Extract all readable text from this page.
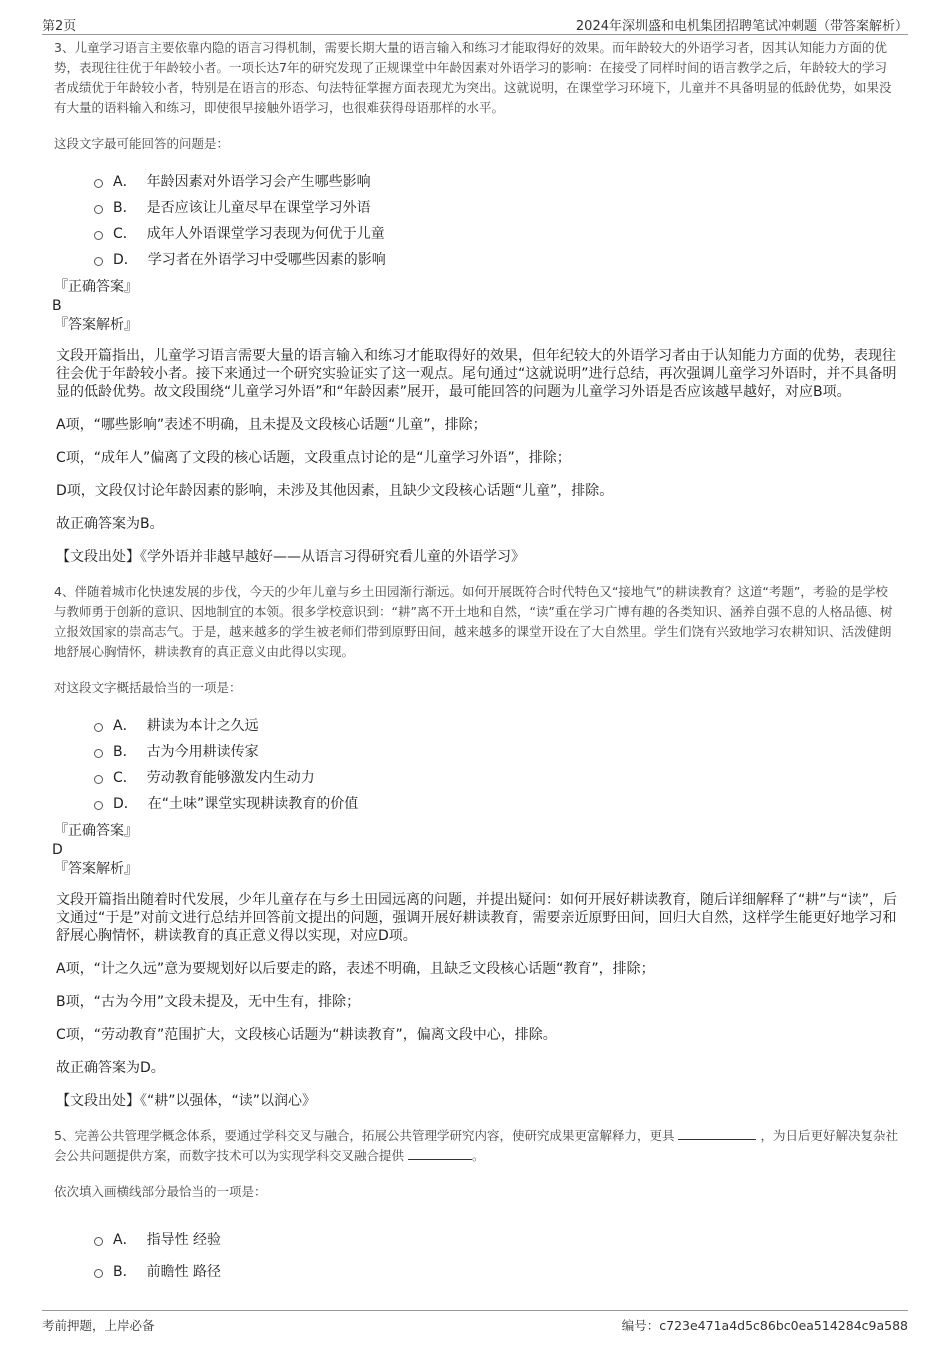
第2页	2024年深圳盛和电机集团招聘笔试冲刺题（带答案解析）

3、儿童学习语言主要依靠内隐的语言习得机制，需要长期大量的语言输入和练习才能取得好的效果。而年龄较大的外语学习者，因其认知能力方面的优势，表现往往优于年龄较小者。一项长达7年的研究发现了正规课堂中年龄因素对外语学习的影响：在接受了同样时间的语言教学之后，年龄较大的学习者成绩优于年龄较小者，特别是在语言的形态、句法特征掌握方面表现尤为突出。这就说明，在课堂学习环境下，儿童并不具备明显的低龄优势，如果没有大量的语料输入和练习，即使很早接触外语学习，也很难获得母语那样的水平。

这段文字最可能回答的问题是：

A． 年龄因素对外语学习会产生哪些影响
B． 是否应该让儿童尽早在课堂学习外语
C． 成年人外语课堂学习表现为何优于儿童
D． 学习者在外语学习中受哪些因素的影响

『正确答案』

B

『答案解析』

文段开篇指出，儿童学习语言需要大量的语言输入和练习才能取得好的效果，但年纪较大的外语学习者由于认知能力方面的优势，表现往往会优于年龄较小者。接下来通过一个研究实验证实了这一观点。尾句通过“这就说明”进行总结，再次强调儿童学习外语时，并不具备明显的低龄优势。故文段围绕“儿童学习外语”和“年龄因素”展开，最可能回答的问题为儿童学习外语是否应该越早越好，对应B项。

A项，“哪些影响”表述不明确，且未提及文段核心话题“儿童”，排除；

C项，“成年人”偏离了文段的核心话题，文段重点讨论的是“儿童学习外语”，排除；

D项，文段仅讨论年龄因素的影响，未涉及其他因素，且缺少文段核心话题“儿童”，排除。

故正确答案为B。

【文段出处】《学外语并非越早越好——从语言习得研究看儿童的外语学习》

4、伴随着城市化快速发展的步伐，今天的少年儿童与乡土田园渐行渐远。如何开展既符合时代特色又“接地气”的耕读教育？这道“考题”，考验的是学校与教师勇于创新的意识、因地制宜的本领。很多学校意识到：“耕”离不开土地和自然，“读”重在学习广博有趣的各类知识、涵养自强不息的人格品德、树立报效国家的崇高志气。于是，越来越多的学生被老师们带到原野田间，越来越多的课堂开设在了大自然里。学生们饶有兴致地学习农耕知识、活泼健朗地舒展心胸情怀，耕读教育的真正意义由此得以实现。

对这段文字概括最恰当的一项是：

A． 耕读为本计之久远
B． 古为今用耕读传家
C． 劳动教育能够激发内生动力
D． 在“土味”课堂实现耕读教育的价值

『正确答案』

D

『答案解析』

文段开篇指出随着时代发展，少年儿童存在与乡土田园远离的问题，并提出疑问：如何开展好耕读教育，随后详细解释了“耕”与“读”，后文通过“于是”对前文进行总结并回答前文提出的问题，强调开展好耕读教育，需要亲近原野田间，回归大自然，这样学生能更好地学习和舒展心胸情怀，耕读教育的真正意义得以实现，对应D项。

A项，“计之久远”意为要规划好以后要走的路，表述不明确，且缺乏文段核心话题“教育”，排除；

B项，“古为今用”文段未提及，无中生有，排除；

C项，“劳动教育”范围扩大，文段核心话题为“耕读教育”，偏离文段中心，排除。

故正确答案为D。

【文段出处】《“耕”以强体，“读”以润心》

5、完善公共管理学概念体系，要通过学科交叉与融合，拓展公共管理学研究内容，使研究成果更富解释力，更具	，为日后更好解决复杂社会公共问题提供方案，而数字技术可以为实现学科交叉融合提供	。

依次填入画横线部分最恰当的一项是：

A． 指导性 经验
B． 前瞻性 路径
考前押题，上岸必备	编号：c723e471a4d5c86bc0ea514284c9a588
